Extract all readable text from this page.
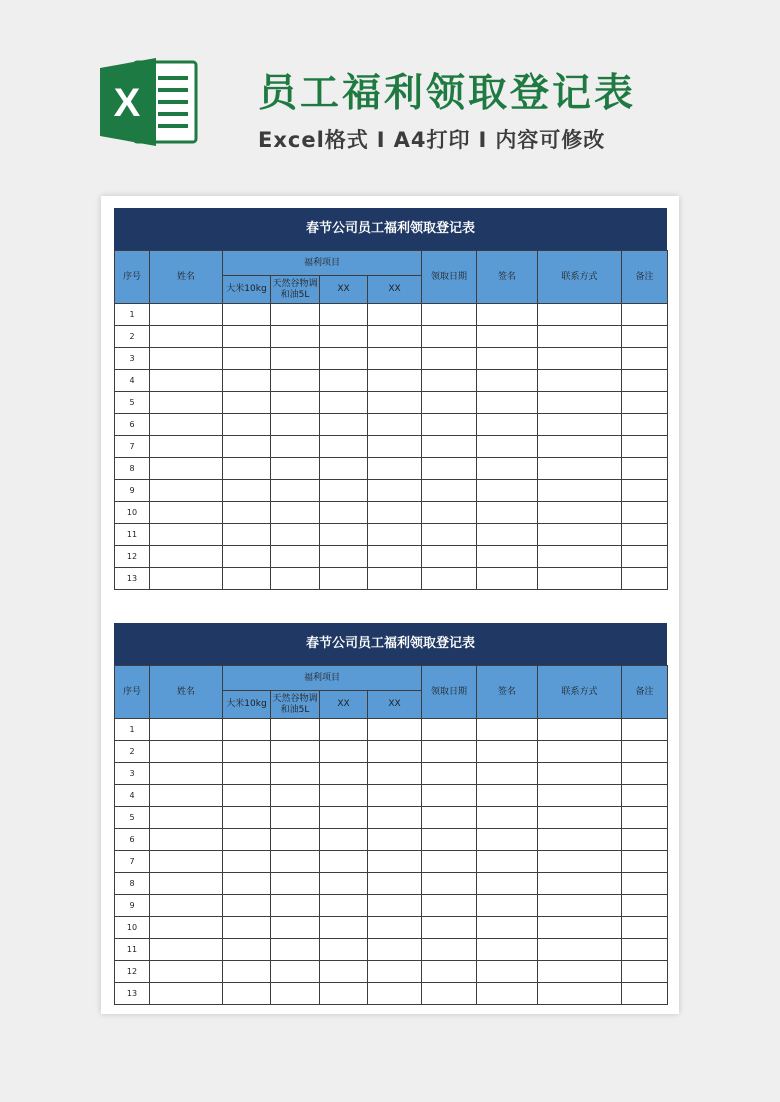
X	员工福利领取登记表

Excel格式 I A4打印 I 内容可修改

春节公司员工福利领取登记表
序号	姓名	福利项目				领取日期	签名	联系方式	备注
		大米10kg	天然谷物调
和油5L	XX	XX				
1									
2									
3									
4									
5									
6									
7									
8									
9									
10									
11									
12									
13									
春节公司员工福利领取登记表
序号	姓名	福利项目				领取日期	签名	联系方式	备注
		大米10kg	天然谷物调
和油5L	XX	XX				
1									
2									
3									
4									
5									
6									
7									
8									
9									
10									
11									
12									
13									
